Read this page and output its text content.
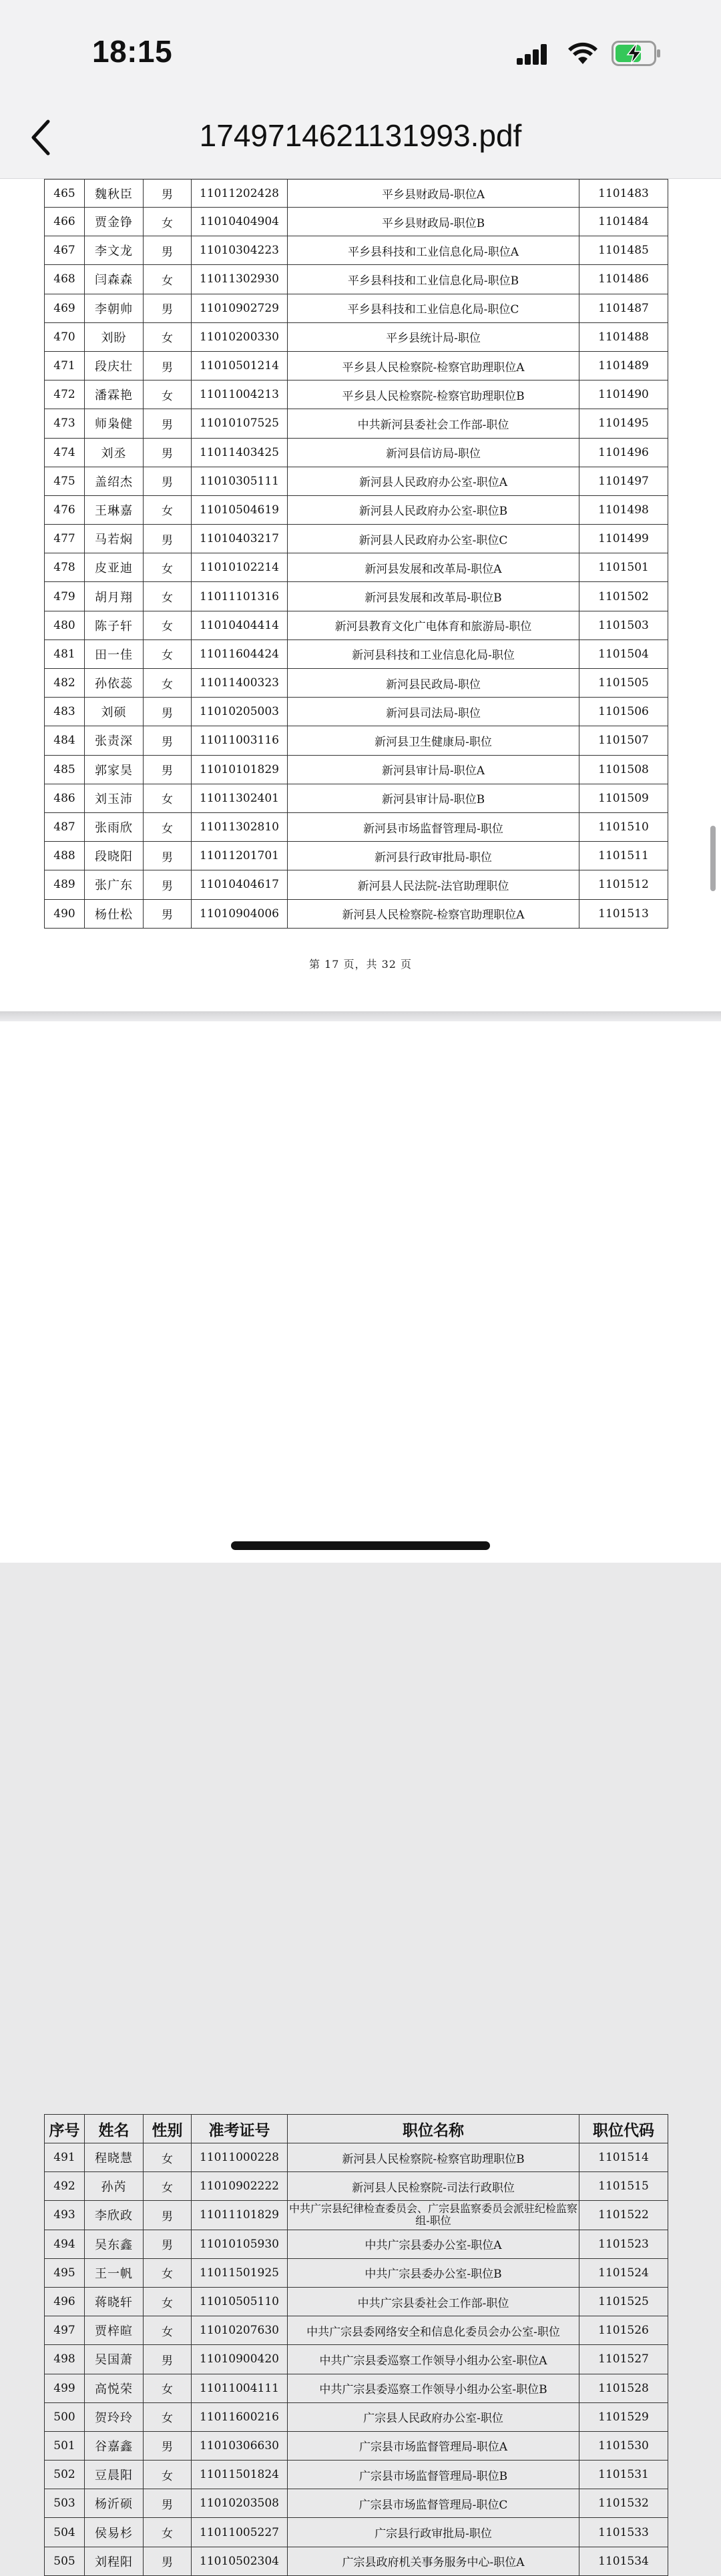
18:15
1749714621131993.pdf
465	魏秋臣	男	11011202428	平乡县财政局-职位A	1101483
466	贾金铮	女	11010404904	平乡县财政局-职位B	1101484
467	李文龙	男	11010304223	平乡县科技和工业信息化局-职位A	1101485
468	闫森森	女	11011302930	平乡县科技和工业信息化局-职位B	1101486
469	李朝帅	男	11010902729	平乡县科技和工业信息化局-职位C	1101487
470	刘盼	女	11010200330	平乡县统计局-职位	1101488
471	段庆壮	男	11010501214	平乡县人民检察院-检察官助理职位A	1101489
472	潘霖艳	女	11011004213	平乡县人民检察院-检察官助理职位B	1101490
473	师枭健	男	11010107525	中共新河县委社会工作部-职位	1101495
474	刘丞	男	11011403425	新河县信访局-职位	1101496
475	盖绍杰	男	11010305111	新河县人民政府办公室-职位A	1101497
476	王琳嘉	女	11010504619	新河县人民政府办公室-职位B	1101498
477	马若焖	男	11010403217	新河县人民政府办公室-职位C	1101499
478	皮亚迪	女	11010102214	新河县发展和改革局-职位A	1101501
479	胡月翔	女	11011101316	新河县发展和改革局-职位B	1101502
480	陈子轩	女	11010404414	新河县教育文化广电体育和旅游局-职位	1101503
481	田一佳	女	11011604424	新河县科技和工业信息化局-职位	1101504
482	孙依蕊	女	11011400323	新河县民政局-职位	1101505
483	刘硕	男	11010205003	新河县司法局-职位	1101506
484	张责深	男	11011003116	新河县卫生健康局-职位	1101507
485	郭家昊	男	11010101829	新河县审计局-职位A	1101508
486	刘玉沛	女	11011302401	新河县审计局-职位B	1101509
487	张雨欣	女	11011302810	新河县市场监督管理局-职位	1101510
488	段晓阳	男	11011201701	新河县行政审批局-职位	1101511
489	张广东	男	11010404617	新河县人民法院-法官助理职位	1101512
490	杨仕松	男	11010904006	新河县人民检察院-检察官助理职位A	1101513
第 17 页，共 32 页
序号	姓名	性别	准考证号	职位名称	职位代码
491	程晓慧	女	11011000228	新河县人民检察院-检察官助理职位B	1101514
492	孙芮	女	11010902222	新河县人民检察院-司法行政职位	1101515
493	李欣政	男	11011101829	中共广宗县纪律检查委员会、广宗县监察委员会派驻纪检监察组-职位	1101522
494	吴东鑫	男	11010105930	中共广宗县委办公室-职位A	1101523
495	王一帆	女	11011501925	中共广宗县委办公室-职位B	1101524
496	蒋晓轩	女	11010505110	中共广宗县委社会工作部-职位	1101525
497	贾梓暄	女	11010207630	中共广宗县委网络安全和信息化委员会办公室-职位	1101526
498	吴国萧	男	11010900420	中共广宗县委巡察工作领导小组办公室-职位A	1101527
499	高悦荣	女	11011004111	中共广宗县委巡察工作领导小组办公室-职位B	1101528
500	贺玲玲	女	11011600216	广宗县人民政府办公室-职位	1101529
501	谷嘉鑫	男	11010306630	广宗县市场监督管理局-职位A	1101530
502	豆晨阳	女	11011501824	广宗县市场监督管理局-职位B	1101531
503	杨沂硕	男	11010203508	广宗县市场监督管理局-职位C	1101532
504	侯易杉	女	11011005227	广宗县行政审批局-职位	1101533
505	刘程阳	男	11010502304	广宗县政府机关事务服务中心-职位A	1101534
